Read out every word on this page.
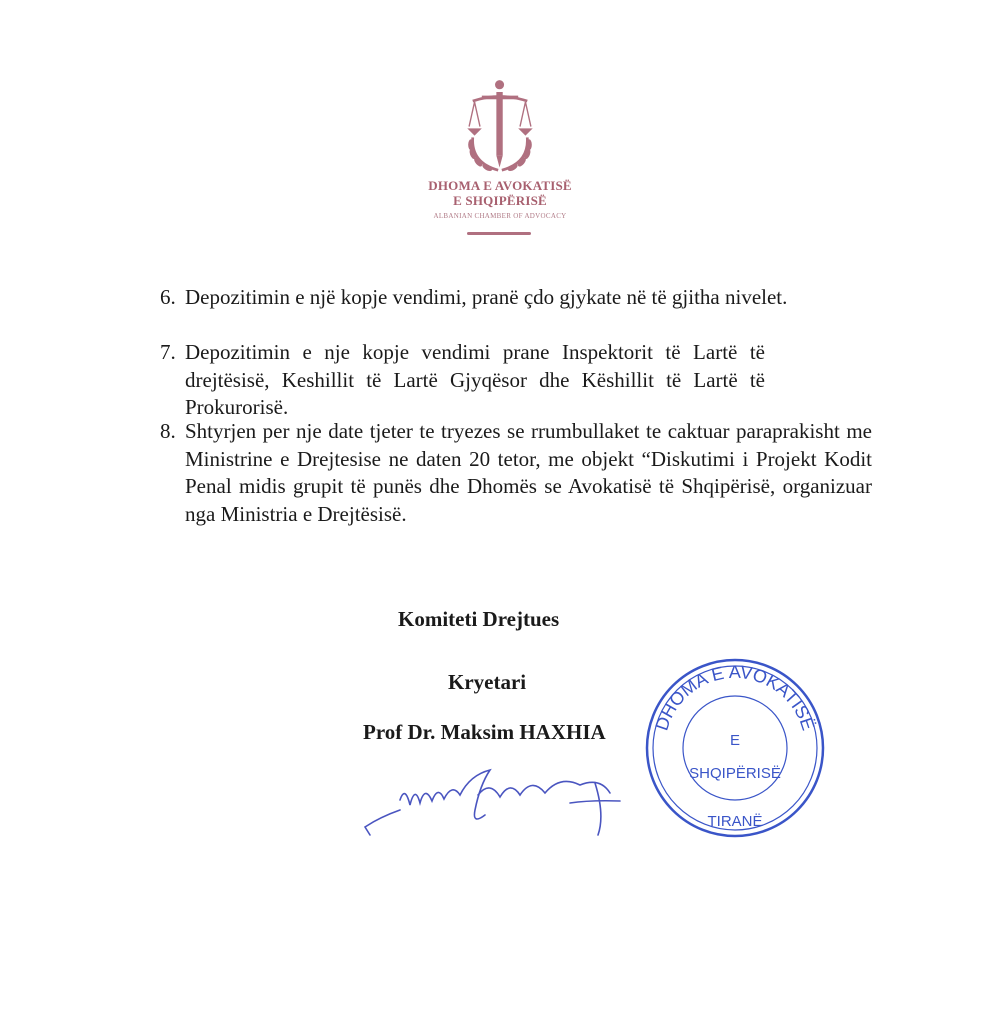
DHOMA E AVOKATISË
E SHQIPËRISË
ALBANIAN CHAMBER OF ADVOCACY
6. Depozitimin e një kopje vendimi, pranë çdo gjykate në të gjitha nivelet.
7. Depozitimin e nje kopje vendimi prane Inspektorit të Lartë të drejtësisë, Keshillit të Lartë Gjyqësor dhe Këshillit të Lartë të Prokurorisë.
8. Shtyrjen per nje date tjeter te tryezes se rrumbullaket te caktuar paraprakisht me Ministrine e Drejtesise ne daten 20 tetor, me objekt “Diskutimi i Projekt Kodit Penal midis grupit të punës dhe Dhomës se Avokatisë të Shqipërisë, organizuar nga Ministria e Drejtësisë.
Komiteti Drejtues
Kryetari
Prof Dr. Maksim HAXHIA	DHOMA E AVOKATISË
E
SHQIPËRISË
TIRANË
